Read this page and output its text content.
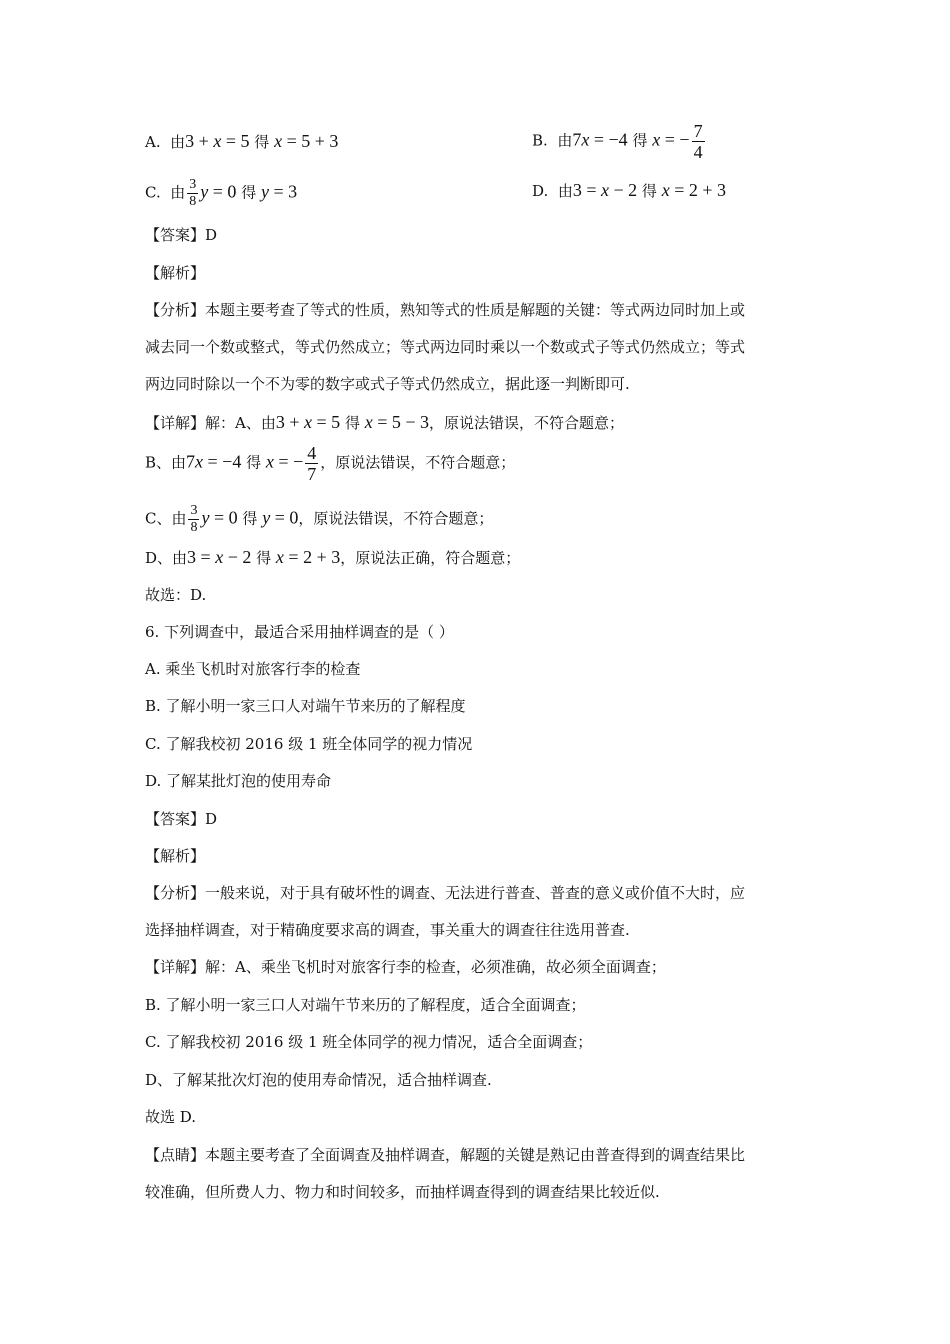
A. 由3 + x = 5 得 x = 5 + 3	B. 由7x = −4 得 x = − $\frac{7}{4}$
C. 由 $\frac{3}{8}$ y = 0 得 y = 3	D. 由3 = x − 2 得 x = 2 + 3
【答案】D
【解析】
【分析】本题主要考查了等式的性质，熟知等式的性质是解题的关键：等式两边同时加上或
减去同一个数或整式，等式仍然成立；等式两边同时乘以一个数或式子等式仍然成立；等式
两边同时除以一个不为零的数字或式子等式仍然成立，据此逐一判断即可.
【详解】解：A、由3 + x = 5 得 x = 5 − 3，原说法错误，不符合题意；
B、由7x = −4 得 x = − $\frac{4}{7}$ ，原说法错误，不符合题意；
C、由 $\frac{3}{8}$ y = 0 得 y = 0，原说法错误，不符合题意；
D、由3 = x − 2 得 x = 2 + 3，原说法正确，符合题意；
故选：D.
6. 下列调查中，最适合采用抽样调查的是（ ）
A. 乘坐飞机时对旅客行李的检查
B. 了解小明一家三口人对端午节来历的了解程度
C. 了解我校初 2016 级 1 班全体同学的视力情况
D. 了解某批灯泡的使用寿命
【答案】D
【解析】
【分析】一般来说，对于具有破坏性的调查、无法进行普查、普查的意义或价值不大时，应
选择抽样调查，对于精确度要求高的调查，事关重大的调查往往选用普查.
【详解】解：A、乘坐飞机时对旅客行李的检查，必须准确，故必须全面调查；
B. 了解小明一家三口人对端午节来历的了解程度，适合全面调查；
C. 了解我校初 2016 级 1 班全体同学的视力情况，适合全面调查；
D、了解某批次灯泡的使用寿命情况，适合抽样调查.
故选 D.
【点睛】本题主要考查了全面调查及抽样调查，解题的关键是熟记由普查得到的调查结果比
较准确，但所费人力、物力和时间较多，而抽样调查得到的调查结果比较近似.
